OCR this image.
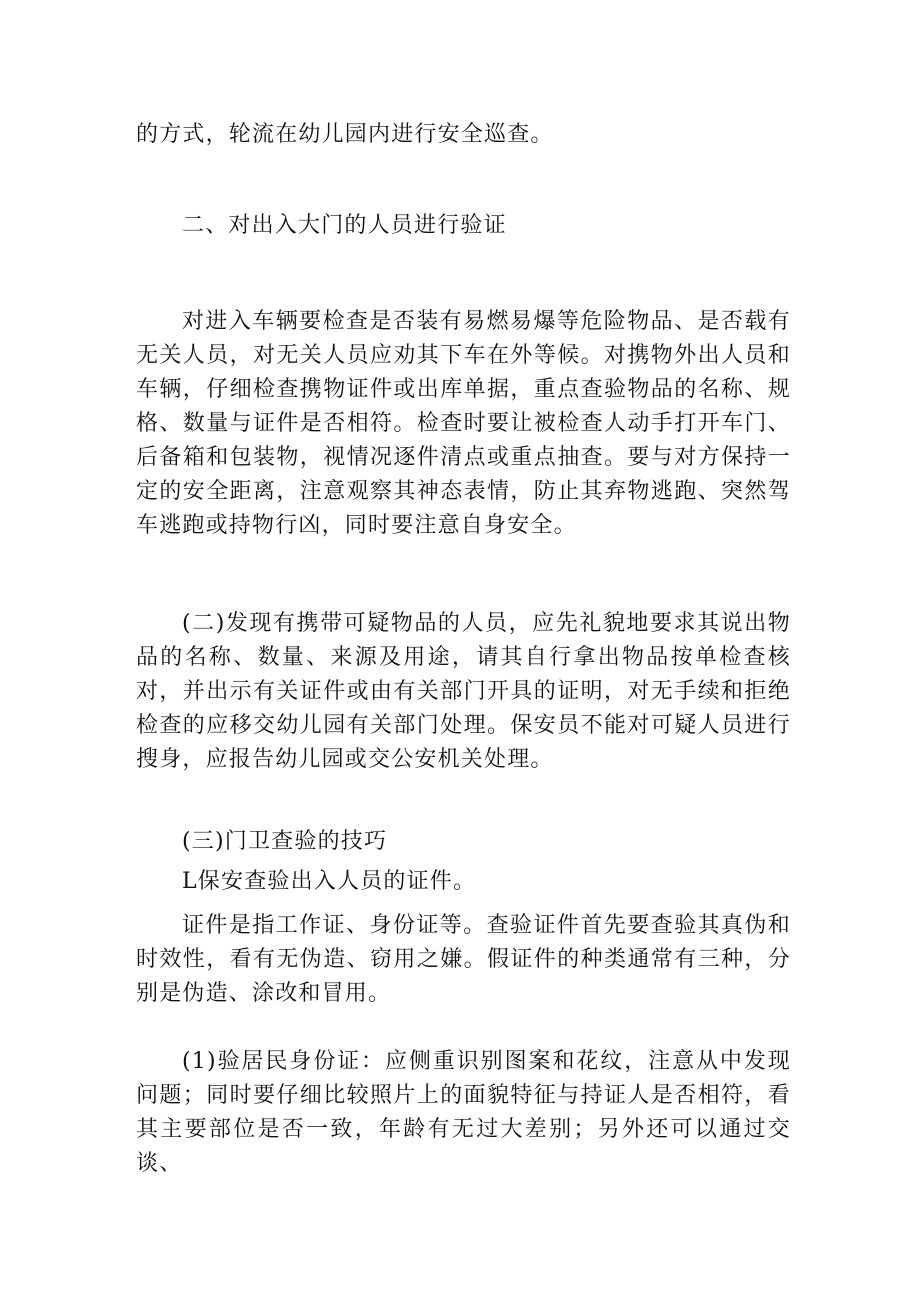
的方式，轮流在幼儿园内进行安全巡查。

二、对出入大门的人员进行验证

对进入车辆要检查是否装有易燃易爆等危险物品、是否载有无关人员，对无关人员应劝其下车在外等候。对携物外出人员和车辆，仔细检查携物证件或出库单据，重点查验物品的名称、规格、数量与证件是否相符。检查时要让被检查人动手打开车门、后备箱和包装物，视情况逐件清点或重点抽查。要与对方保持一定的安全距离，注意观察其神态表情，防止其弃物逃跑、突然驾车逃跑或持物行凶，同时要注意自身安全。

(二)发现有携带可疑物品的人员，应先礼貌地要求其说出物品的名称、数量、来源及用途，请其自行拿出物品按单检查核对，并出示有关证件或由有关部门开具的证明，对无手续和拒绝检查的应移交幼儿园有关部门处理。保安员不能对可疑人员进行搜身，应报告幼儿园或交公安机关处理。

(三)门卫查验的技巧

L保安查验出入人员的证件。

证件是指工作证、身份证等。查验证件首先要查验其真伪和时效性，看有无伪造、窃用之嫌。假证件的种类通常有三种，分别是伪造、涂改和冒用。

(1)验居民身份证：应侧重识别图案和花纹，注意从中发现问题；同时要仔细比较照片上的面貌特征与持证人是否相符，看其主要部位是否一致，年龄有无过大差别；另外还可以通过交谈、
